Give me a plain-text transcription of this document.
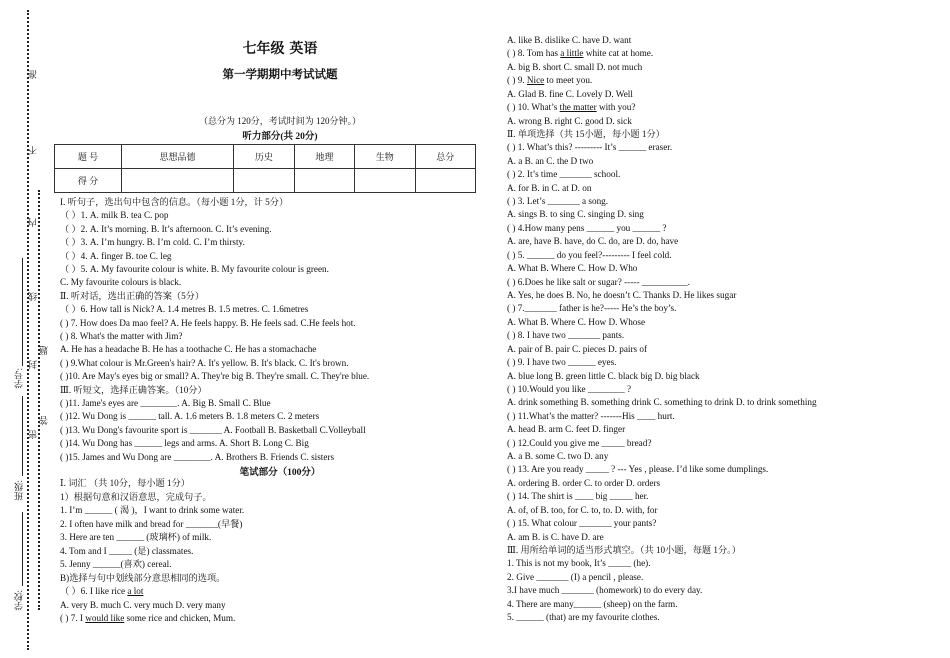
准
不
内
线
题
封
密
答
学号:
班级:
学校:
七年级 英语
第一学期期中考试试题
（总分为 120分，考试时间为 120分钟。）
听力部分(共 20分)
题 号	思想品德	历史	地理	生物	总分
得 分					
I. 听句子，选出句中包含的信息。（每小题 1分，计 5分）
（ ）1. A. milk B. tea C. pop
（ ）2. A. It’s morning. B. It’s afternoon. C. It’s evening.
（ ）3. A. I’m hungry. B. I’m cold. C. I’m thirsty.
（ ）4. A. finger B. toe C. leg
（ ）5. A. My favourite colour is white. B. My favourite colour is green.
C. My favourite colours is black.
Ⅱ. 听对话，选出正确的答案（5分）
（ ）6. How tall is Nick? A. 1.4 metres B. 1.5 metres. C. 1.6metres
( ) 7. How does Da mao feel? A. He feels happy. B. He feels sad. C.He feels hot.
( ) 8. What's the matter with Jim?
A. He has a headache B. He has a toothache C. He has a stomachache
( ) 9.What colour is Mr.Green's hair? A. It's yellow. B. It's black. C. It's brown.
( )10. Are May's eyes big or small? A. They're big B. They're small. C. They're blue.
Ⅲ. 听短文，选择正确答案。（10分）
( )11. Jame's eyes are ________. A. Big B. Small C. Blue
( )12. Wu Dong is ______ tall. A. 1.6 meters B. 1.8 meters C. 2 meters
( )13. Wu Dong's favourite sport is _______ A. Football B. Basketball C.Volleyball
( )14. Wu Dong has ______ legs and arms. A. Short B. Long C. Big
( )15. James and Wu Dong are ________. A. Brothers B. Friends C. sisters
Ⅰ. 词汇 （共 10分，每小题 1分）
1）根据句意和汉语意思，完成句子。
1. I’m ______ ( 渴 )，I want to drink some water.
2. I often have milk and bread for _______(早餐)
3. Here are ten ______ (玻璃杯) of milk.
4. Tom and I _____ (是) classmates.
5. Jenny ______(喜欢) cereal.
B)选择与句中划线部分意思相同的选项。
（ ）6. I like rice a lot
A. very B. much C. very much D. very many
( ) 7. I would like some rice and chicken, Mum.
笔试部分（100分）
A. like B. dislike C. have D. want
( ) 8. Tom has a little white cat at home.
A. big B. short C. small D. not much
( ) 9. Nice to meet you.
A. Glad B. fine C. Lovely D. Well
( ) 10. What’s the matter with you?
A. wrong B. right C. good D. sick
Ⅱ. 单项选择（共 15小题，每小题 1分）
( ) 1. What’s this? --------- It’s ______ eraser.
A. a B. an C. the D two
( ) 2. It’s time _______ school.
A. for B. in C. at D. on
( ) 3. Let’s _______ a song.
A. sings B. to sing C. singing D. sing
( ) 4.How many pens ______ you ______ ?
A. are, have B. have, do C. do, are D. do, have
( ) 5. ______ do you feel?--------- I feel cold.
A. What B. Where C. How D. Who
( ) 6.Does he like salt or sugar? ----- __________.
A. Yes, he does B. No, he doesn’t C. Thanks D. He likes sugar
( ) 7._______ father is he?----- He’s the boy’s.
A. What B. Where C. How D. Whose
( ) 8. I have two _______ pants.
A. pair of B. pair C. pieces D. pairs of
( ) 9. I have two ______ eyes.
A. blue long B. green little C. black big D. big black
( ) 10.Would you like ________ ?
A. drink something B. something drink C. something to drink D. to drink something
( ) 11.What’s the matter? -------His ____ hurt.
A. head B. arm C. feet D. finger
( ) 12.Could you give me _____ bread?
A. a B. some C. two D. any
( ) 13. Are you ready _____ ? --- Yes , please. I’d like some dumplings.
A. ordering B. order C. to order D. orders
( ) 14. The shirt is ____ big _____ her.
A. of, of B. too, for C. to, to. D. with, for
( ) 15. What colour _______ your pants?
A. am B. is C. have D. are
Ⅲ. 用所给单词的适当形式填空。（共 10小题，每题 1分。）
1. This is not my book, It’s _____ (he).
2. Give _______ (I) a pencil , please.
3.I have much _______ (homework) to do every day.
4. There are many______ (sheep) on the farm.
5. ______ (that) are my favourite clothes.
